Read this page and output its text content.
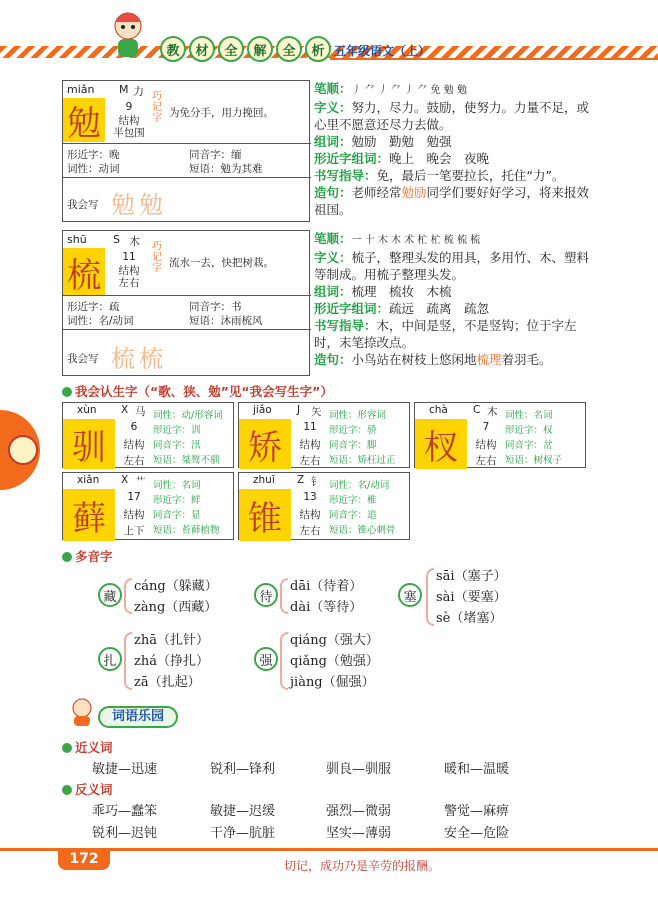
教	材	全	解	全	析 五年级语文（上）
miǎn M 力
勉	9
结构
半包围
巧
记
字 为免分手，用力挽回。
形近字：晚	同音字：缅
词性：动词	短语：勉为其难
我会写 勉勉
shū S 木
梳	11
结构
左右
巧
记
字 流水一去，快把树栽。
形近字：疏	同音字：书
词性：名/动词	短语：沐雨梳风
我会写 梳梳
笔顺：丿 ⺈ 丿 ⺈ 丿 ⺈ 免 勉 勉
字义：努力，尽力。鼓励，使努力。力量不足，或心里不愿意还尽力去做。
组词：勉励　勤勉　勉强
形近字组词：晚上　晚会　夜晚
书写指导：免，最后一笔要拉长，托住“力”。
造句：老师经常勉励同学们要好好学习，将来报效祖国。
笔顺：一 十 木 木 术 杧 杧 梳 梳 梳
字义：梳子，整理头发的用具，多用竹、木、塑料等制成。用梳子整理头发。
组词：梳理　梳妆　木梳
形近字组词：疏远　疏离　疏忽
书写指导：木，中间是竖，不是竖钩；位于字左时，末笔捺改点。
造句：小鸟站在树枝上悠闲地梳理着羽毛。
我会认生字（“歌、狭、勉”见“我会写生字”）
xùn X 马
驯
6
结构
左右
词性：动/形容词
形近字：训
同音字：汛
短语：桀骜不驯
jiǎo J 矢
矫
11
结构
左右
词性：形容词
形近字：骄
同音字：脚
短语：矫枉过正
chà C 木
杈
7
结构
左右
词性：名词
形近字：权
同音字：岔
短语：树杈子
xiǎn X 艹
藓
17
结构
上下
词性：名词
形近字：鲜
同音字：显
短语：苔藓植物
zhuī Z 钅
锥
13
结构
左右
词性：名/动词
形近字：椎
同音字：追
短语：锥心刺骨
多音字
藏
cáng（躲藏）
zàng（西藏）
待
dāi（待着）
dài（等待）
塞
sāi（塞子）
sài（要塞）
sè（堵塞）
扎
zhā（扎针）
zhá（挣扎）
zā（扎起）
强
qiáng（强大）
qiǎng（勉强）
jiàng（倔强）
词语乐园
近义词
敏捷—迅速	锐利—锋利	驯良—驯服	暖和—温暖
反义词
乖巧—蠢笨	敏捷—迟缓	强烈—微弱	警觉—麻痹
锐利—迟钝	干净—肮脏	坚实—薄弱	安全—危险
172	切记，成功乃是辛劳的报酬。
